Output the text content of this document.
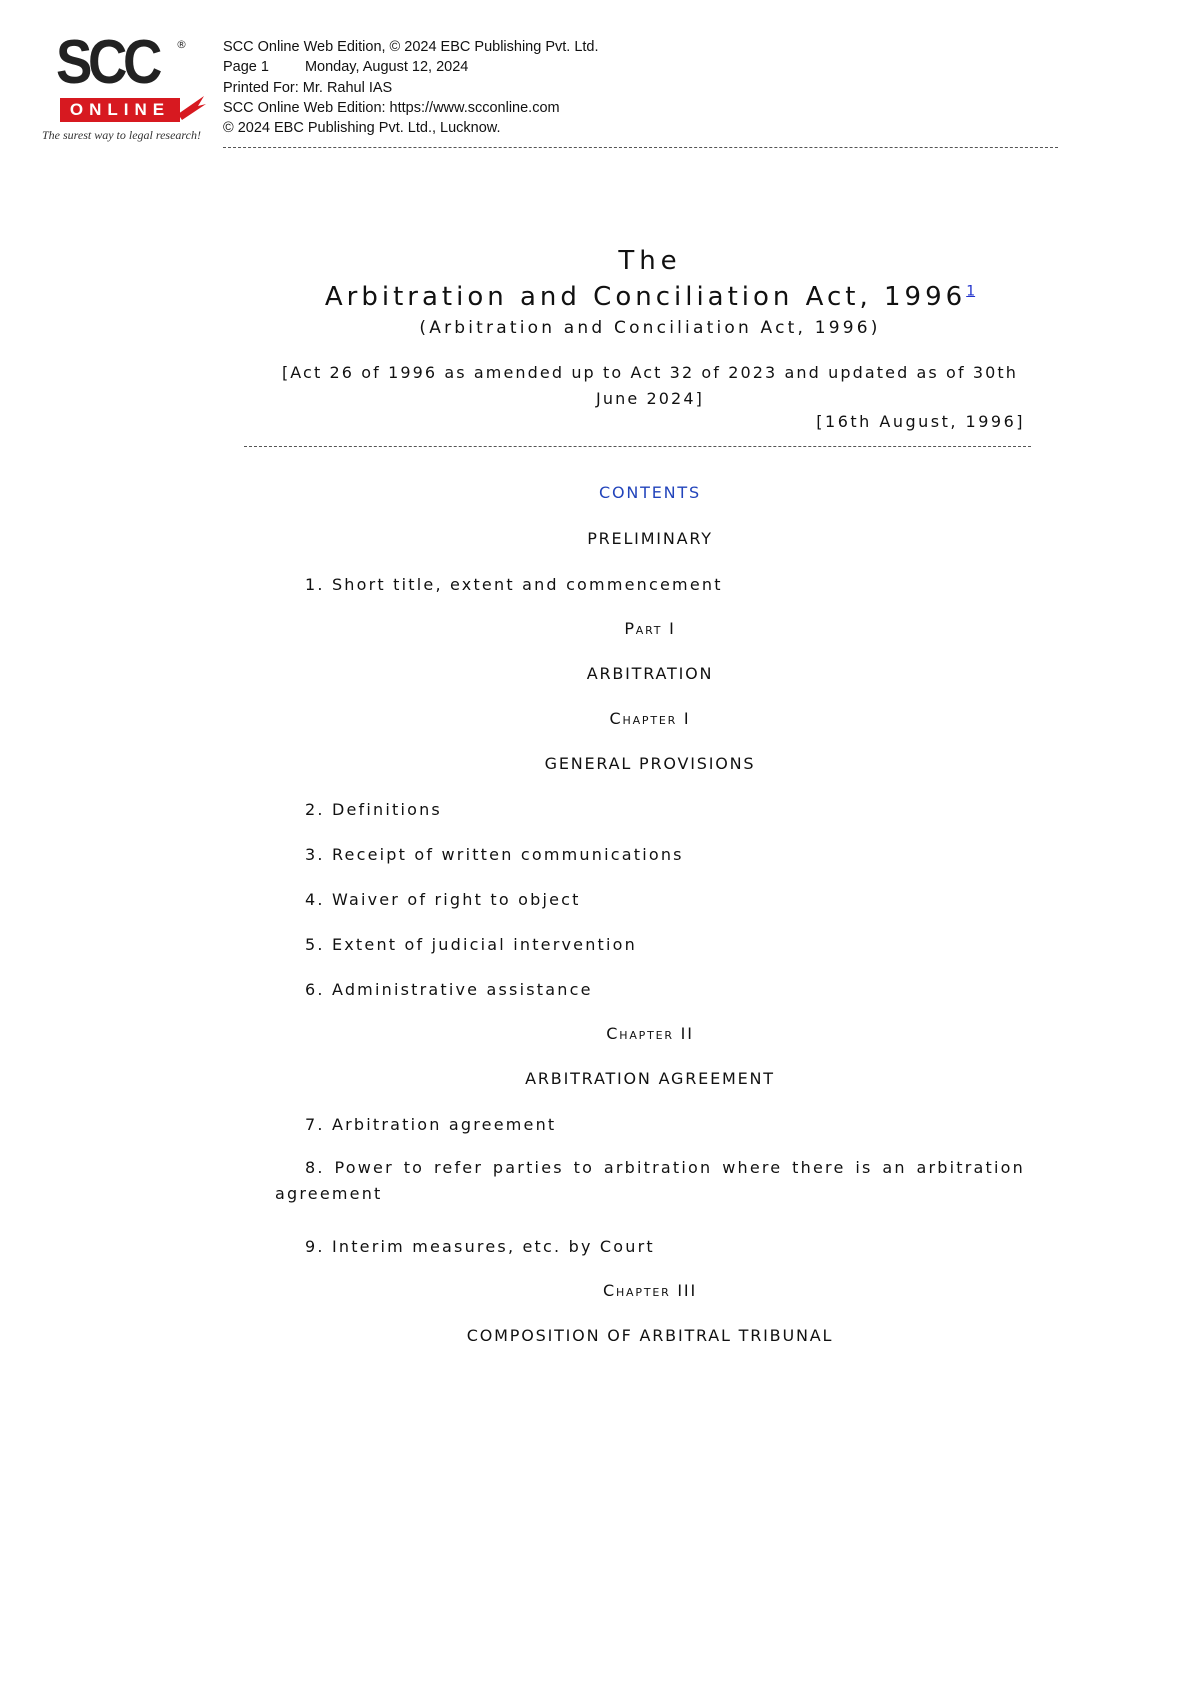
SCC ®
ONLINE
The surest way to legal research!
SCC Online Web Edition, © 2024 EBC Publishing Pvt. Ltd.
Page 1 Monday, August 12, 2024
Printed For: Mr. Rahul IAS
SCC Online Web Edition: https://www.scconline.com
© 2024 EBC Publishing Pvt. Ltd., Lucknow.
The
Arbitration and Conciliation Act, 1996$^1$
(Arbitration and Conciliation Act, 1996)
[Act 26 of 1996 as amended up to Act 32 of 2023 and updated as of 30th June 2024]
[16th August, 1996]
CONTENTS
PRELIMINARY
1. Short title, extent and commencement
Part I
ARBITRATION
Chapter I
GENERAL PROVISIONS
2. Definitions
3. Receipt of written communications
4. Waiver of right to object
5. Extent of judicial intervention
6. Administrative assistance
Chapter II
ARBITRATION AGREEMENT
7. Arbitration agreement
8. Power to refer parties to arbitration where there is an arbitration agreement
9. Interim measures, etc. by Court
Chapter III
COMPOSITION OF ARBITRAL TRIBUNAL
